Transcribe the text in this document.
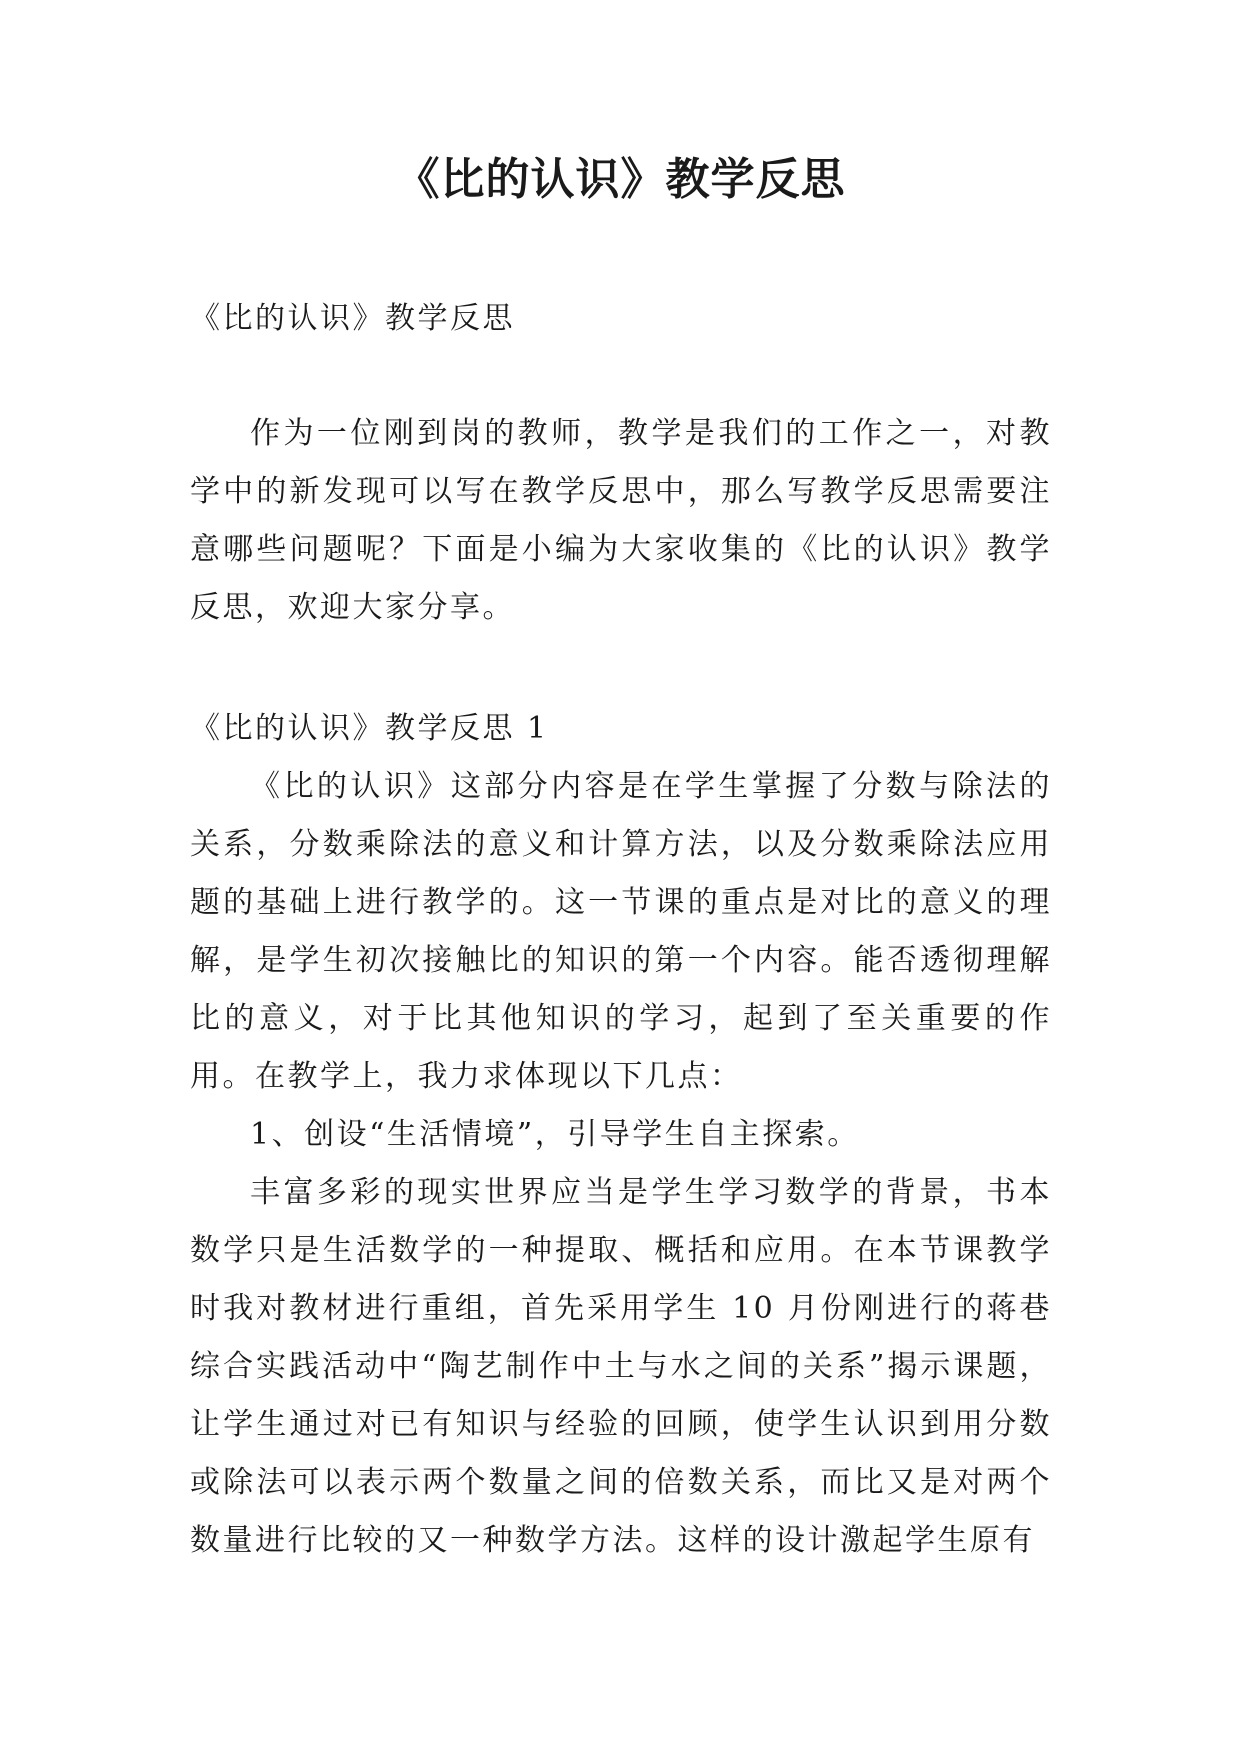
《比的认识》教学反思

《比的认识》教学反思

作为一位刚到岗的教师，教学是我们的工作之一，对教学中的新发现可以写在教学反思中，那么写教学反思需要注意哪些问题呢？下面是小编为大家收集的《比的认识》教学反思，欢迎大家分享。

《比的认识》教学反思 1

《比的认识》这部分内容是在学生掌握了分数与除法的关系，分数乘除法的意义和计算方法，以及分数乘除法应用题的基础上进行教学的。这一节课的重点是对比的意义的理解，是学生初次接触比的知识的第一个内容。能否透彻理解比的意义，对于比其他知识的学习，起到了至关重要的作用。在教学上，我力求体现以下几点：

1、创设“生活情境”，引导学生自主探索。

丰富多彩的现实世界应当是学生学习数学的背景，书本数学只是生活数学的一种提取、概括和应用。在本节课教学时我对教材进行重组，首先采用学生 10 月份刚进行的蒋巷综合实践活动中“陶艺制作中土与水之间的关系”揭示课题，让学生通过对已有知识与经验的回顾，使学生认识到用分数或除法可以表示两个数量之间的倍数关系，而比又是对两个数量进行比较的又一种数学方法。这样的设计激起学生原有
